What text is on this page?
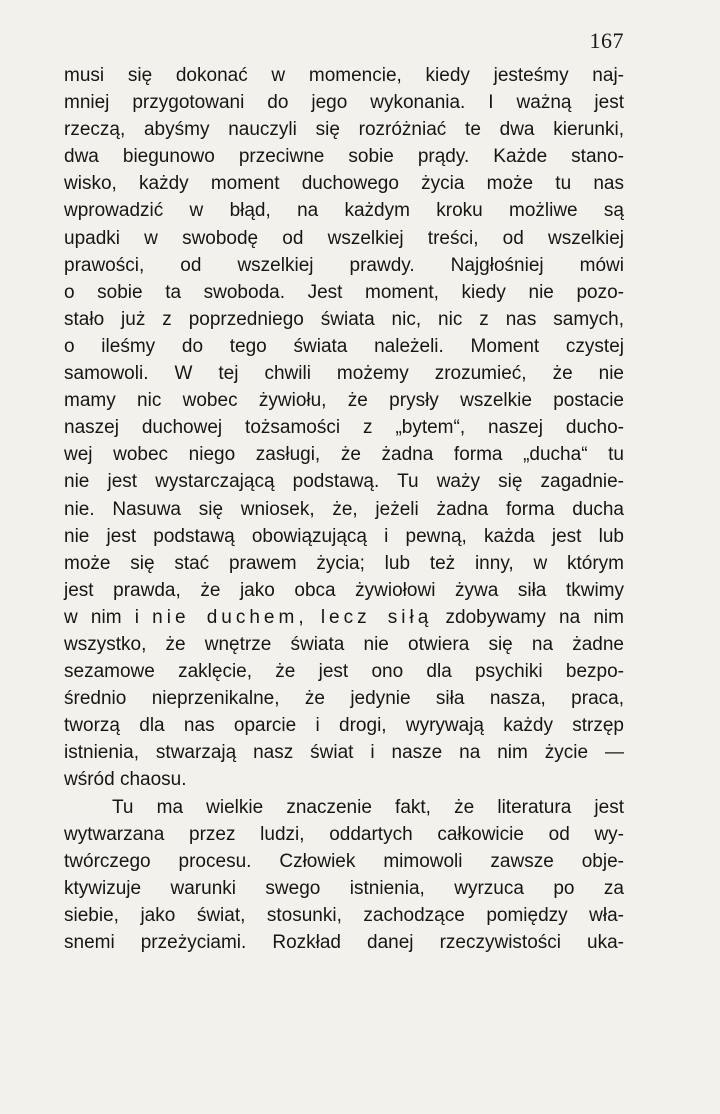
167
musi się dokonać w momencie, kiedy jesteśmy naj-
mniej przygotowani do jego wykonania. I ważną jest
rzeczą, abyśmy nauczyli się rozróżniać te dwa kierunki,
dwa biegunowo przeciwne sobie prądy. Każde stano-
wisko, każdy moment duchowego życia może tu nas
wprowadzić w błąd, na każdym kroku możliwe są
upadki w swobodę od wszelkiej treści, od wszelkiej
prawości, od wszelkiej prawdy. Najgłośniej mówi
o sobie ta swoboda. Jest moment, kiedy nie pozo-
stało już z poprzedniego świata nic, nic z nas samych,
o ileśmy do tego świata należeli. Moment czystej
samowoli. W tej chwili możemy zrozumieć, że nie
mamy nic wobec żywiołu, że prysły wszelkie postacie
naszej duchowej tożsamości z „bytem“, naszej ducho-
wej wobec niego zasługi, że żadna forma „ducha“ tu
nie jest wystarczającą podstawą. Tu waży się zagadnie-
nie. Nasuwa się wniosek, że, jeżeli żadna forma ducha
nie jest podstawą obowiązującą i pewną, każda jest lub
może się stać prawem życia; lub też inny, w którym
jest prawda, że jako obca żywiołowi żywa siła tkwimy
w nim i nie duchem, lecz siłą zdobywamy na nim
wszystko, że wnętrze świata nie otwiera się na żadne
sezamowe zaklęcie, że jest ono dla psychiki bezpo-
średnio nieprzenikalne, że jedynie siła nasza, praca,
tworzą dla nas oparcie i drogi, wyrywają każdy strzęp
istnienia, stwarzają nasz świat i nasze na nim życie —
wśród chaosu.
Tu ma wielkie znaczenie fakt, że literatura jest
wytwarzana przez ludzi, oddartych całkowicie od wy-
twórczego procesu. Człowiek mimowoli zawsze obje-
ktywizuje warunki swego istnienia, wyrzuca po za
siebie, jako świat, stosunki, zachodzące pomiędzy wła-
snemi przeżyciami. Rozkład danej rzeczywistości uka-
